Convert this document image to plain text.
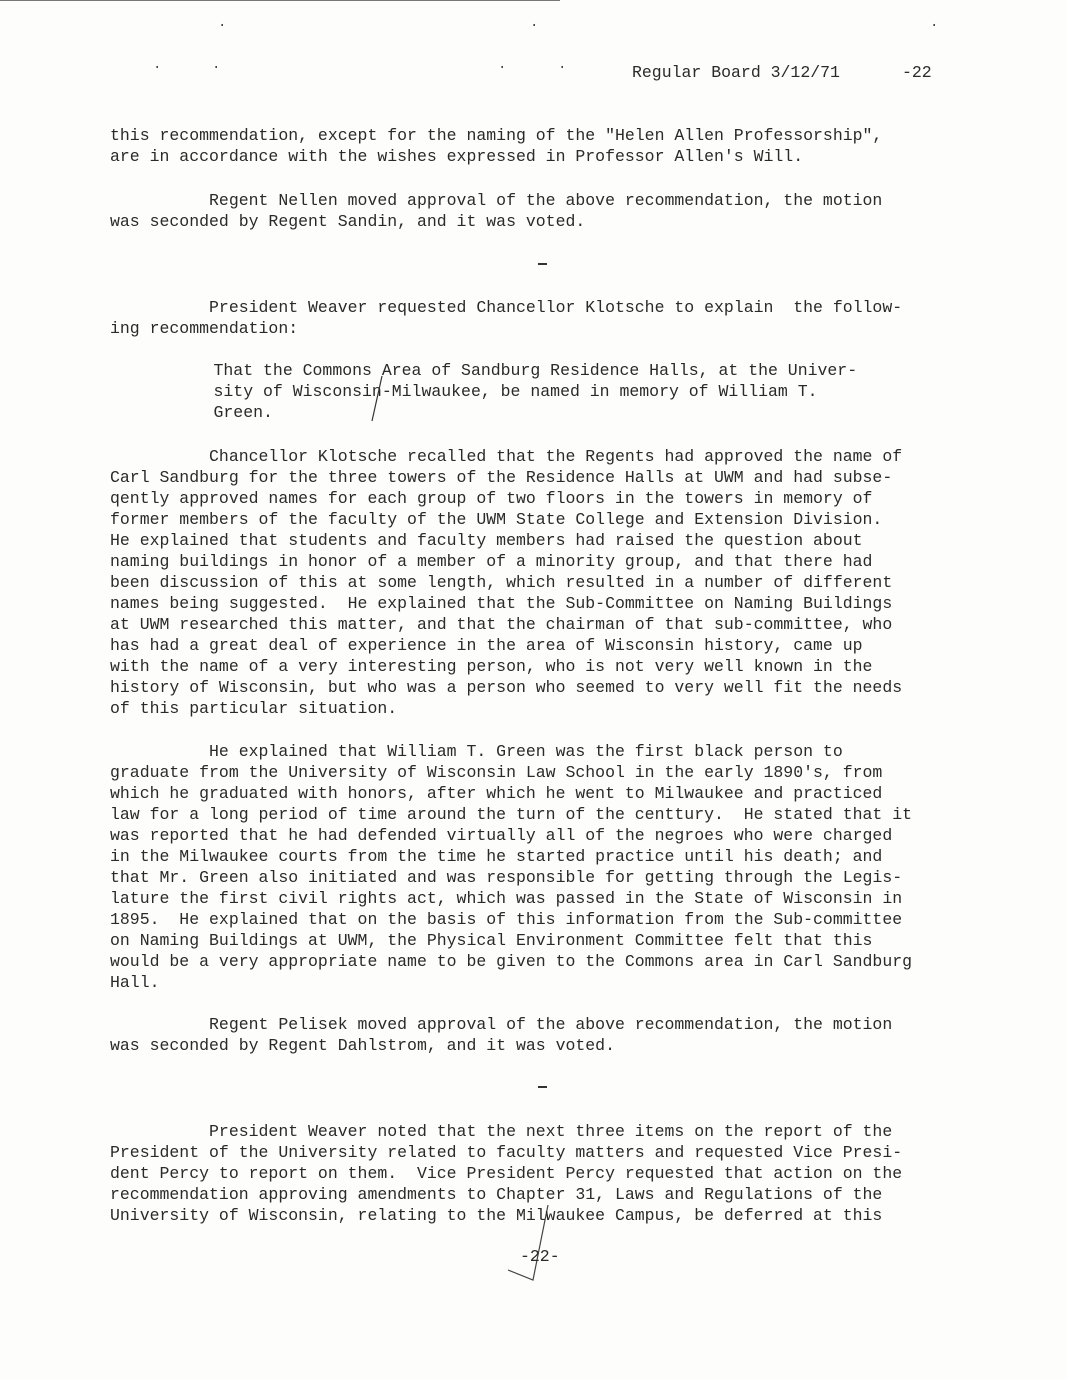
·	·	·
·	·	·	·	Regular Board 3/12/71	-22
this recommendation, except for the naming of the "Helen Allen Professorship",
are in accordance with the wishes expressed in Professor Allen's Will.
Regent Nellen moved approval of the above recommendation, the motion
was seconded by Regent Sandin, and it was voted.
President Weaver requested Chancellor Klotsche to explain  the follow-
ing recommendation:
That the Commons Area of Sandburg Residence Halls, at the Univer-
sity of Wisconsin-Milwaukee, be named in memory of William T.
Green.
Chancellor Klotsche recalled that the Regents had approved the name of
Carl Sandburg for the three towers of the Residence Halls at UWM and had subse-
qently approved names for each group of two floors in the towers in memory of
former members of the faculty of the UWM State College and Extension Division.
He explained that students and faculty members had raised the question about
naming buildings in honor of a member of a minority group, and that there had
been discussion of this at some length, which resulted in a number of different
names being suggested.  He explained that the Sub-Committee on Naming Buildings
at UWM researched this matter, and that the chairman of that sub-committee, who
has had a great deal of experience in the area of Wisconsin history, came up
with the name of a very interesting person, who is not very well known in the
history of Wisconsin, but who was a person who seemed to very well fit the needs
of this particular situation.
He explained that William T. Green was the first black person to
graduate from the University of Wisconsin Law School in the early 1890's, from
which he graduated with honors, after which he went to Milwaukee and practiced
law for a long period of time around the turn of the centtury.  He stated that it
was reported that he had defended virtually all of the negroes who were charged
in the Milwaukee courts from the time he started practice until his death; and
that Mr. Green also initiated and was responsible for getting through the Legis-
lature the first civil rights act, which was passed in the State of Wisconsin in
1895.  He explained that on the basis of this information from the Sub-committee
on Naming Buildings at UWM, the Physical Environment Committee felt that this
would be a very appropriate name to be given to the Commons area in Carl Sandburg
Hall.
Regent Pelisek moved approval of the above recommendation, the motion
was seconded by Regent Dahlstrom, and it was voted.
President Weaver noted that the next three items on the report of the
President of the University related to faculty matters and requested Vice Presi-
dent Percy to report on them.  Vice President Percy requested that action on the
recommendation approving amendments to Chapter 31, Laws and Regulations of the
University of Wisconsin, relating to the Milwaukee Campus, be deferred at this
-22-
